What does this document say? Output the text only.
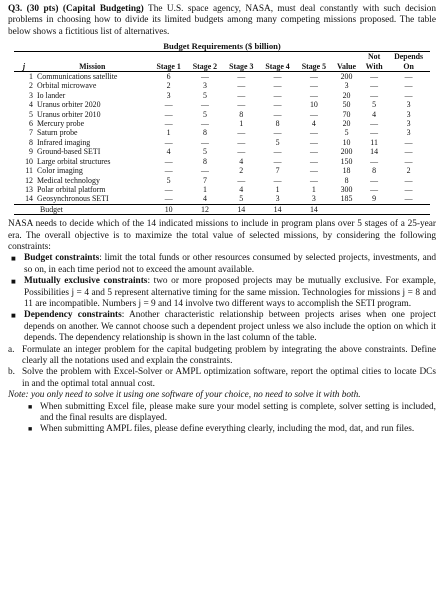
Q3. (30 pts) (Capital Budgeting) The U.S. space agency, NASA, must deal constantly with such decision problems in choosing how to divide its limited budgets among many competing missions proposed. The table below shows a fictitious list of alternatives.

Budget Requirements ($ billion)
								Not	Depends
j	Mission	Stage 1	Stage 2	Stage 3	Stage 4	Stage 5	Value	With	On
1	Communications satellite	6	—	—	—	—	200	—	—
2	Orbital microwave	2	3	—	—	—	3	—	—
3	Io lander	3	5	—	—	—	20	—	—
4	Uranus orbiter 2020	—	—	—	—	10	50	5	3
5	Uranus orbiter 2010	—	5	8	—	—	70	4	3
6	Mercury probe	—	—	1	8	4	20	—	3
7	Saturn probe	1	8	—	—	—	5	—	3
8	Infrared imaging	—	—	—	5	—	10	11	—
9	Ground-based SETI	4	5	—	—	—	200	14	—
10	Large orbital structures	—	8	4	—	—	150	—	—
11	Color imaging	—	—	2	7	—	18	8	2
12	Medical technology	5	7	—	—	—	8	—	—
13	Polar orbital platform	—	1	4	1	1	300	—	—
14	Geosynchronous SETI	—	4	5	3	3	185	9	—
	Budget	10	12	14	14	14			

NASA needs to decide which of the 14 indicated missions to include in program plans over 5 stages of a 25-year era. The overall objective is to maximize the total value of selected missions, by considering the following constraints:

■ Budget constraints: limit the total funds or other resources consumed by selected projects, investments, and so on, in each time period not to exceed the amount available.
■ Mutually exclusive constraints: two or more proposed projects may be mutually exclusive. For example, Possibilities j = 4 and 5 represent alternative timing for the same mission. Technologies for missions j = 8 and 11 are incompatible. Numbers j = 9 and 14 involve two different ways to accomplish the SETI program.
■ Dependency constraints: Another characteristic relationship between projects arises when one project depends on another. We cannot choose such a dependent project unless we also include the option on which it depends. The dependency relationship is shown in the last column of the table.
a. Formulate an integer problem for the capital budgeting problem by integrating the above constraints. Define clearly all the notations used and explain the constraints.
b. Solve the problem with Excel-Solver or AMPL optimization software, report the optimal cities to locate DCs in and the optimal total annual cost.

Note: you only need to solve it using one software of your choice, no need to solve it with both.

■ When submitting Excel file, please make sure your model setting is complete, solver setting is included, and the final results are displayed.
■ When submitting AMPL files, please define everything clearly, including the mod, dat, and run files.
